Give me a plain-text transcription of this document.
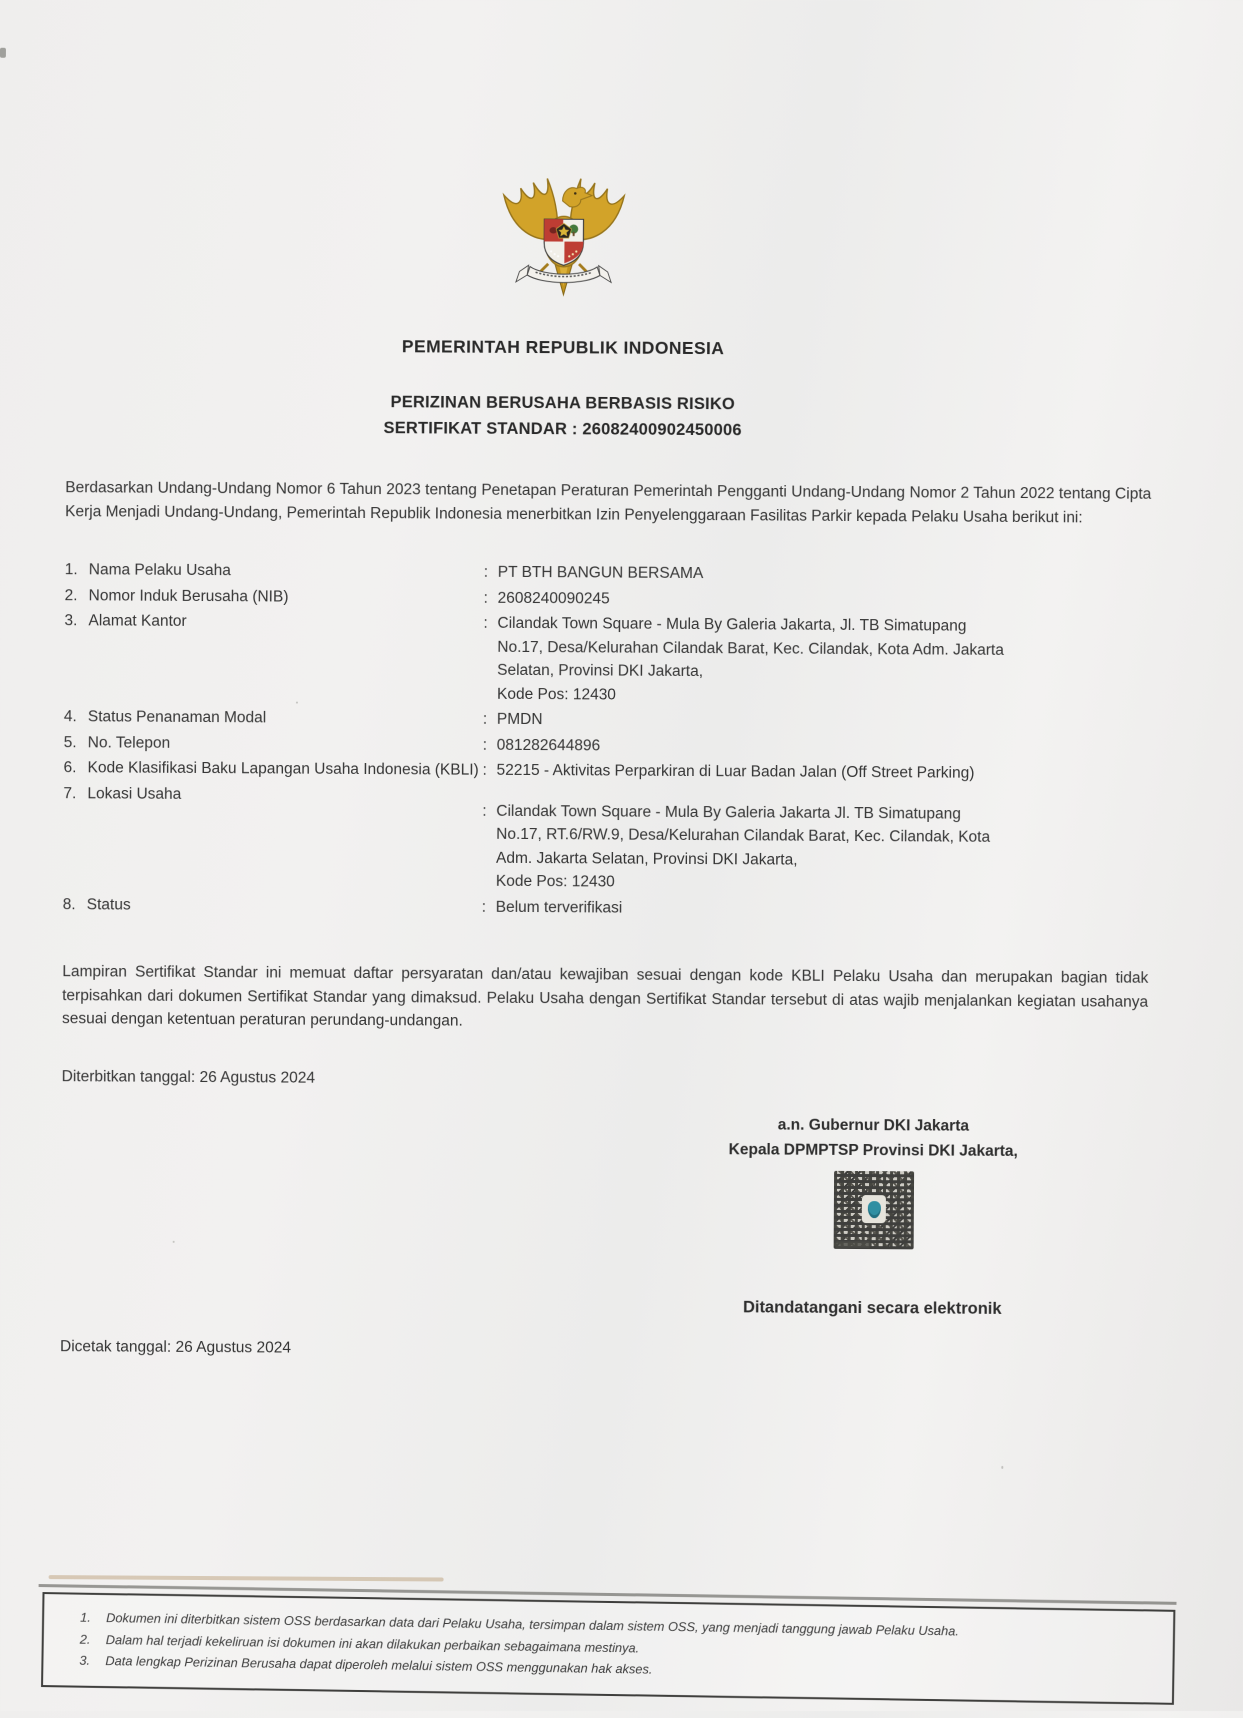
PEMERINTAH REPUBLIK INDONESIA
PERIZINAN BERUSAHA BERBASIS RISIKO
SERTIFIKAT STANDAR : 26082400902450006
Berdasarkan Undang-Undang Nomor 6 Tahun 2023 tentang Penetapan Peraturan Pemerintah Pengganti Undang-Undang Nomor 2 Tahun 2022 tentang Cipta Kerja Menjadi Undang-Undang, Pemerintah Republik Indonesia menerbitkan Izin Penyelenggaraan Fasilitas Parkir kepada Pelaku Usaha berikut ini:
1. Nama Pelaku Usaha	: PT BTH BANGUN BERSAMA
2. Nomor Induk Berusaha (NIB)	: 2608240090245
3. Alamat Kantor	: Cilandak Town Square - Mula By Galeria Jakarta, Jl. TB Simatupang
No.17, Desa/Kelurahan Cilandak Barat, Kec. Cilandak, Kota Adm. Jakarta
Selatan, Provinsi DKI Jakarta,
Kode Pos: 12430
4. Status Penanaman Modal	: PMDN
5. No. Telepon	: 081282644896
6. Kode Klasifikasi Baku Lapangan Usaha Indonesia (KBLI) : 52215 - Aktivitas Perparkiran di Luar Badan Jalan (Off Street Parking)
7. Lokasi Usaha
: Cilandak Town Square - Mula By Galeria Jakarta Jl. TB Simatupang
No.17, RT.6/RW.9, Desa/Kelurahan Cilandak Barat, Kec. Cilandak, Kota
Adm. Jakarta Selatan, Provinsi DKI Jakarta,
Kode Pos: 12430
8. Status	: Belum terverifikasi
Lampiran Sertifikat Standar ini memuat daftar persyaratan dan/atau kewajiban sesuai dengan kode KBLI Pelaku Usaha dan merupakan bagian tidak terpisahkan dari dokumen Sertifikat Standar yang dimaksud. Pelaku Usaha dengan Sertifikat Standar tersebut di atas wajib menjalankan kegiatan usahanya sesuai dengan ketentuan peraturan perundang-undangan.
Diterbitkan tanggal: 26 Agustus 2024
a.n. Gubernur DKI Jakarta
Kepala DPMPTSP Provinsi DKI Jakarta,
Ditandatangani secara elektronik
Dicetak tanggal: 26 Agustus 2024
1.	Dokumen ini diterbitkan sistem OSS berdasarkan data dari Pelaku Usaha, tersimpan dalam sistem OSS, yang menjadi tanggung jawab Pelaku Usaha.
2.	Dalam hal terjadi kekeliruan isi dokumen ini akan dilakukan perbaikan sebagaimana mestinya.
3.	Data lengkap Perizinan Berusaha dapat diperoleh melalui sistem OSS menggunakan hak akses.
